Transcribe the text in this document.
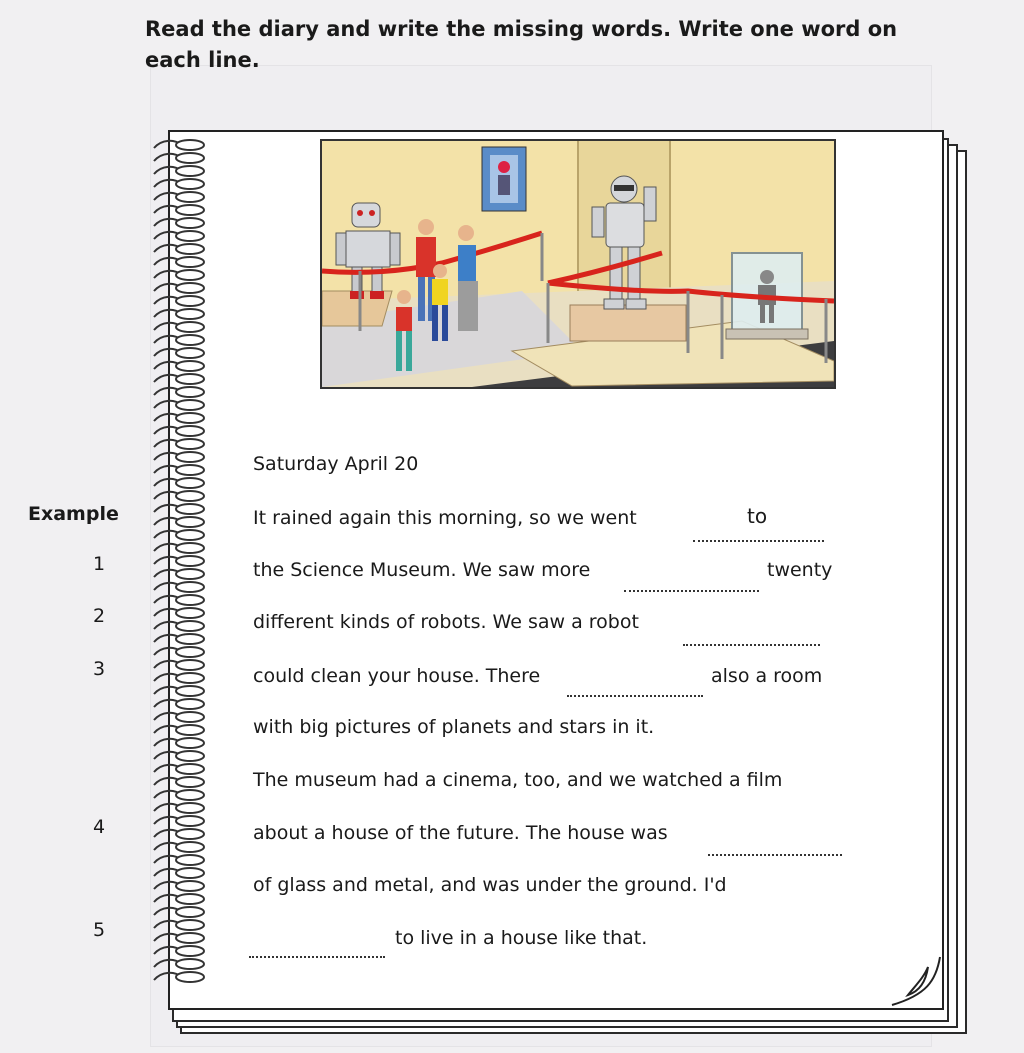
Read the diary and write the missing words. Write one word on each line.

Saturday April 20
It rained again this morning, so we went	to
the Science Museum. We saw more	twenty
different kinds of robots. We saw a robot
could clean your house. There	also a room
with big pictures of planets and stars in it.
The museum had a cinema, too, and we watched a film
about a house of the future. The house was
of glass and metal, and was under the ground. I'd
to live in a house like that.
Example
1
2
3
4
5
